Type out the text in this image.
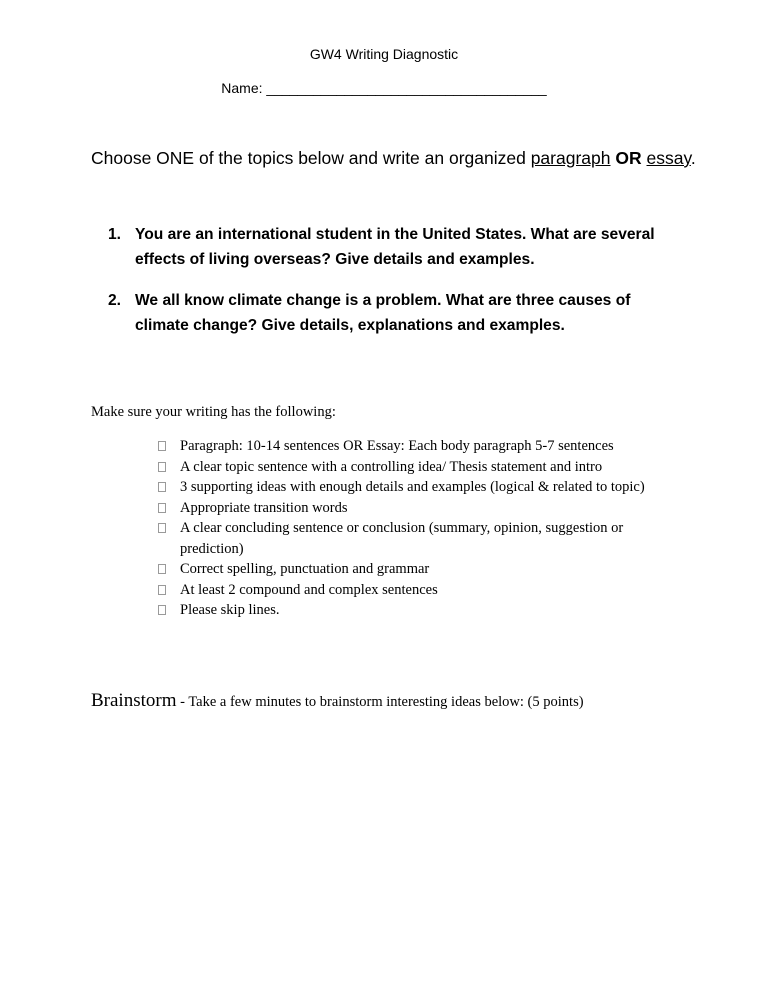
GW4 Writing Diagnostic
Name: ____________________________________
Choose ONE of the topics below and write an organized paragraph OR essay.
1. You are an international student in the United States. What are several effects of living overseas? Give details and examples.
2. We all know climate change is a problem. What are three causes of climate change? Give details, explanations and examples.
Make sure your writing has the following:
Paragraph: 10-14 sentences OR Essay: Each body paragraph 5-7 sentences
A clear topic sentence with a controlling idea/ Thesis statement and intro
3 supporting ideas with enough details and examples (logical & related to topic)
Appropriate transition words
A clear concluding sentence or conclusion (summary, opinion, suggestion or prediction)
Correct spelling, punctuation and grammar
At least 2 compound and complex sentences
Please skip lines.
Brainstorm - Take a few minutes to brainstorm interesting ideas below: (5 points)
